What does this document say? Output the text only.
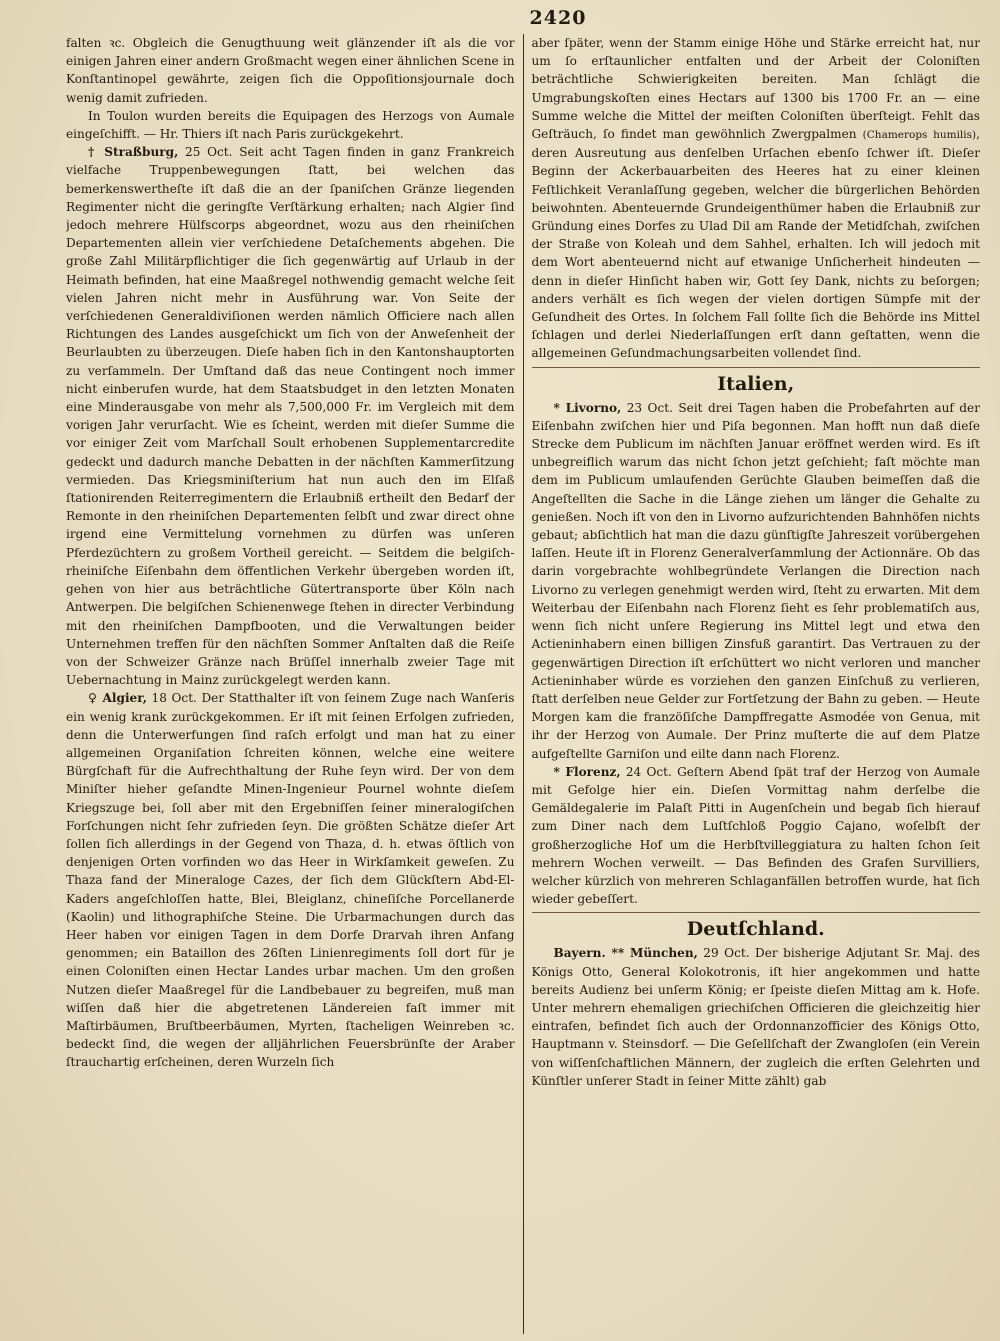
2420

falten ꝛc. Obgleich die Genugthuung weit glänzender iſt als die vor einigen Jahren einer andern Großmacht wegen einer ähnlichen Scene in Konſtantinopel gewährte, zeigen ſich die Oppoſitionsjournale doch wenig damit zufrieden.

In Toulon wurden bereits die Equipagen des Herzogs von Aumale eingeſchifft. — Hr. Thiers iſt nach Paris zurückgekehrt.

† Straßburg, 25 Oct. Seit acht Tagen finden in ganz Frankreich vielfache Truppenbewegungen ſtatt, bei welchen das bemerkenswertheſte iſt daß die an der ſpaniſchen Gränze liegenden Regimenter nicht die geringſte Verſtärkung erhalten; nach Algier ſind jedoch mehrere Hülfscorps abgeordnet, wozu aus den rheiniſchen Departementen allein vier verſchiedene Detaſchements abgehen. Die große Zahl Militärpflichtiger die ſich gegenwärtig auf Urlaub in der Heimath befinden, hat eine Maaßregel nothwendig gemacht welche ſeit vielen Jahren nicht mehr in Ausführung war. Von Seite der verſchiedenen Generaldiviſionen werden nämlich Officiere nach allen Richtungen des Landes ausgeſchickt um ſich von der Anweſenheit der Beurlaubten zu überzeugen. Dieſe haben ſich in den Kantonshauptorten zu verſammeln. Der Umſtand daß das neue Contingent noch immer nicht einberufen wurde, hat dem Staatsbudget in den letzten Monaten eine Minderausgabe von mehr als 7,500,000 Fr. im Vergleich mit dem vorigen Jahr verurſacht. Wie es ſcheint, werden mit dieſer Summe die vor einiger Zeit vom Marſchall Soult erhobenen Supplementarcredite gedeckt und dadurch manche Debatten in der nächſten Kammerſitzung vermieden. Das Kriegsminiſterium hat nun auch den im Elſaß ſtationirenden Reiterregimentern die Erlaubniß ertheilt den Bedarf der Remonte in den rheiniſchen Departementen ſelbſt und zwar direct ohne irgend eine Vermittelung vornehmen zu dürfen was unſeren Pferdezüchtern zu großem Vortheil gereicht. — Seitdem die belgiſch-rheiniſche Eiſenbahn dem öffentlichen Verkehr übergeben worden iſt, gehen von hier aus beträchtliche Gütertransporte über Köln nach Antwerpen. Die belgiſchen Schienenwege ſtehen in directer Verbindung mit den rheiniſchen Dampfbooten, und die Verwaltungen beider Unternehmen treffen für den nächſten Sommer Anſtalten daß die Reiſe von der Schweizer Gränze nach Brüſſel innerhalb zweier Tage mit Uebernachtung in Mainz zurückgelegt werden kann.

♀ Algier, 18 Oct. Der Statthalter iſt von ſeinem Zuge nach Wanſeris ein wenig krank zurückgekommen. Er iſt mit ſeinen Erfolgen zufrieden, denn die Unterwerfungen ſind raſch erfolgt und man hat zu einer allgemeinen Organiſation ſchreiten können, welche eine weitere Bürgſchaft für die Aufrechthaltung der Ruhe ſeyn wird. Der von dem Miniſter hieher geſandte Minen-Ingenieur Pournel wohnte dieſem Kriegszuge bei, ſoll aber mit den Ergebniſſen ſeiner mineralogiſchen Forſchungen nicht ſehr zufrieden ſeyn. Die größten Schätze dieſer Art ſollen ſich allerdings in der Gegend von Thaza, d. h. etwas öſtlich von denjenigen Orten vorfinden wo das Heer in Wirkſamkeit geweſen. Zu Thaza fand der Mineraloge Cazes, der ſich dem Glückſtern Abd-El-Kaders angeſchloſſen hatte, Blei, Bleiglanz, chineſiſche Porcellanerde (Kaolin) und lithographiſche Steine. Die Urbarmachungen durch das Heer haben vor einigen Tagen in dem Dorfe Drarvah ihren Anfang genommen; ein Bataillon des 26ſten Linienregiments ſoll dort für je einen Coloniſten einen Hectar Landes urbar machen. Um den großen Nutzen dieſer Maaßregel für die Landbebauer zu begreifen, muß man wiſſen daß hier die abgetretenen Ländereien faſt immer mit Maſtirbäumen, Bruſtbeerbäumen, Myrten, ſtacheligen Weinreben ꝛc. bedeckt ſind, die wegen der alljährlichen Feuersbrünſte der Araber ſtrauchartig erſcheinen, deren Wurzeln ſich

aber ſpäter, wenn der Stamm einige Höhe und Stärke erreicht hat, nur um ſo erſtaunlicher entfalten und der Arbeit der Coloniſten beträchtliche Schwierigkeiten bereiten. Man ſchlägt die Umgrabungskoſten eines Hectars auf 1300 bis 1700 Fr. an — eine Summe welche die Mittel der meiſten Coloniſten überſteigt. Fehlt das Geſträuch, ſo findet man gewöhnlich Zwergpalmen (Chamerops humilis), deren Ausreutung aus denſelben Urſachen ebenſo ſchwer iſt. Dieſer Beginn der Ackerbauarbeiten des Heeres hat zu einer kleinen Feſtlichkeit Veranlaſſung gegeben, welcher die bürgerlichen Behörden beiwohnten. Abenteuernde Grundeigenthümer haben die Erlaubniß zur Gründung eines Dorfes zu Ulad Dil am Rande der Metidſchah, zwiſchen der Straße von Koleah und dem Sahhel, erhalten. Ich will jedoch mit dem Wort abenteuernd nicht auf etwanige Unſicherheit hindeuten — denn in dieſer Hinſicht haben wir, Gott ſey Dank, nichts zu beſorgen; anders verhält es ſich wegen der vielen dortigen Sümpfe mit der Geſundheit des Ortes. In ſolchem Fall ſollte ſich die Behörde ins Mittel ſchlagen und derlei Niederlaſſungen erſt dann geſtatten, wenn die allgemeinen Geſundmachungsarbeiten vollendet ſind.

Italien,

* Livorno, 23 Oct. Seit drei Tagen haben die Probefahrten auf der Eiſenbahn zwiſchen hier und Piſa begonnen. Man hofft nun daß dieſe Strecke dem Publicum im nächſten Januar eröffnet werden wird. Es iſt unbegreiflich warum das nicht ſchon jetzt geſchieht; faſt möchte man dem im Publicum umlaufenden Gerüchte Glauben beimeſſen daß die Angeſtellten die Sache in die Länge ziehen um länger die Gehalte zu genießen. Noch iſt von den in Livorno aufzurichtenden Bahnhöfen nichts gebaut; abſichtlich hat man die dazu günſtigſte Jahreszeit vorübergehen laſſen. Heute iſt in Florenz Generalverſammlung der Actionnäre. Ob das darin vorgebrachte wohlbegründete Verlangen die Direction nach Livorno zu verlegen genehmigt werden wird, ſteht zu erwarten. Mit dem Weiterbau der Eiſenbahn nach Florenz ſieht es ſehr problematiſch aus, wenn ſich nicht unſere Regierung ins Mittel legt und etwa den Actieninhabern einen billigen Zinsfuß garantirt. Das Vertrauen zu der gegenwärtigen Direction iſt erſchüttert wo nicht verloren und mancher Actieninhaber würde es vorziehen den ganzen Einſchuß zu verlieren, ſtatt derſelben neue Gelder zur Fortſetzung der Bahn zu geben. — Heute Morgen kam die franzöſiſche Dampffregatte Asmodée von Genua, mit ihr der Herzog von Aumale. Der Prinz muſterte die auf dem Platze aufgeſtellte Garniſon und eilte dann nach Florenz.

* Florenz, 24 Oct. Geſtern Abend ſpät traf der Herzog von Aumale mit Gefolge hier ein. Dieſen Vormittag nahm derſelbe die Gemäldegalerie im Palaſt Pitti in Augenſchein und begab ſich hierauf zum Diner nach dem Luſtſchloß Poggio Cajano, woſelbſt der großherzogliche Hof um die Herbſtvilleggiatura zu halten ſchon ſeit mehrern Wochen verweilt. — Das Befinden des Grafen Survilliers, welcher kürzlich von mehreren Schlaganfällen betroffen wurde, hat ſich wieder gebeſſert.

Deutſchland.

Bayern. ** München, 29 Oct. Der bisherige Adjutant Sr. Maj. des Königs Otto, General Kolokotronis, iſt hier angekommen und hatte bereits Audienz bei unſerm König; er ſpeiste dieſen Mittag am k. Hofe. Unter mehrern ehemaligen griechiſchen Officieren die gleichzeitig hier eintrafen, befindet ſich auch der Ordonnanzofficier des Königs Otto, Hauptmann v. Steinsdorf. — Die Geſellſchaft der Zwangloſen (ein Verein von wiſſenſchaftlichen Männern, der zugleich die erſten Gelehrten und Künſtler unſerer Stadt in ſeiner Mitte zählt) gab
